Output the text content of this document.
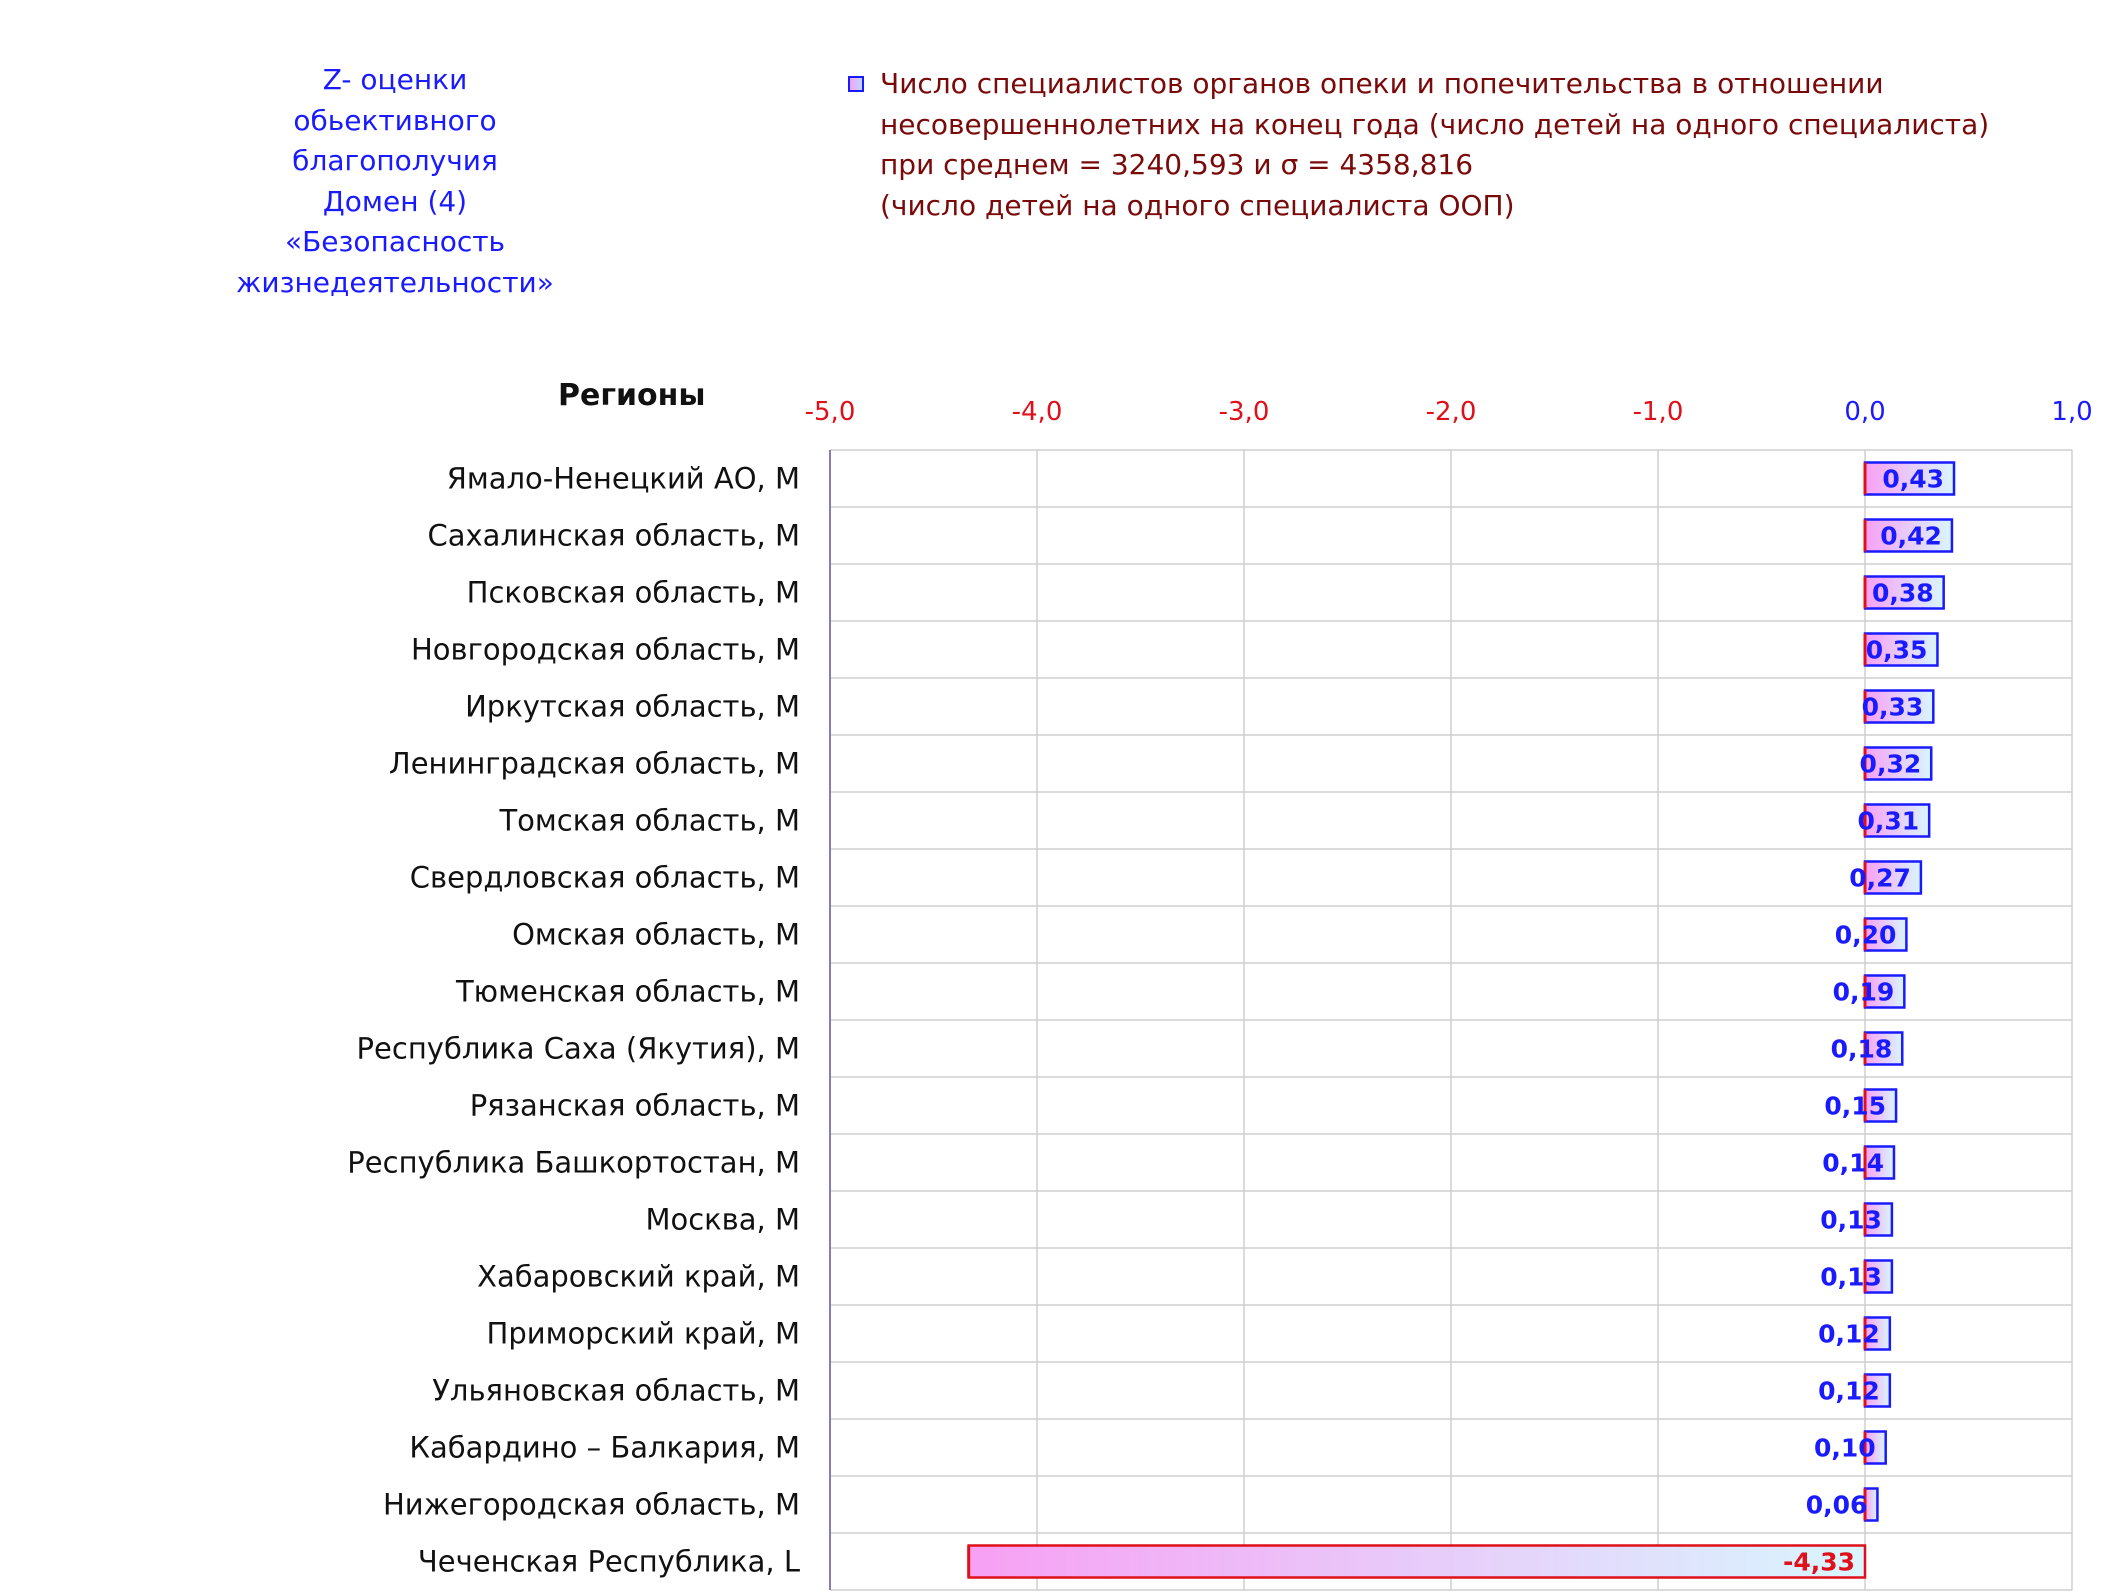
Z- оценки
обьективного
благополучия
Домен (4)
«Безопасность
жизнедеятельности»
Число специалистов органов опеки и попечительства в отношении
несовершеннолетних на конец года (число детей на одного специалиста)
при среднем = 3240,593 и σ = 4358,816
(число детей на одного специалиста ООП)
Регионы	-5,0	-4,0	-3,0	-2,0	-1,0	0,0	1,0
Ямало-Ненецкий АО, М
Сахалинская область, М
Псковская область, М
Новгородская область, М
Иркутская область, М
Ленинградская область, М
Томская область, М
Свердловская область, М
Омская область, М
Тюменская область, М
Республика Саха (Якутия), М
Рязанская область, М
Республика Башкортостан, М
Москва, М
Хабаровский край, М
Приморский край, М
Ульяновская область, М
Кабардино – Балкария, М
Нижегородская область, М
Чеченская Республика, L
0,43
0,42
0,38
0,35
0,33
0,32
0,31
0,27
0,20
0,19
0,18
0,15
0,14
0,13
0,13
0,12
0,12
0,10
0,06
-4,33
